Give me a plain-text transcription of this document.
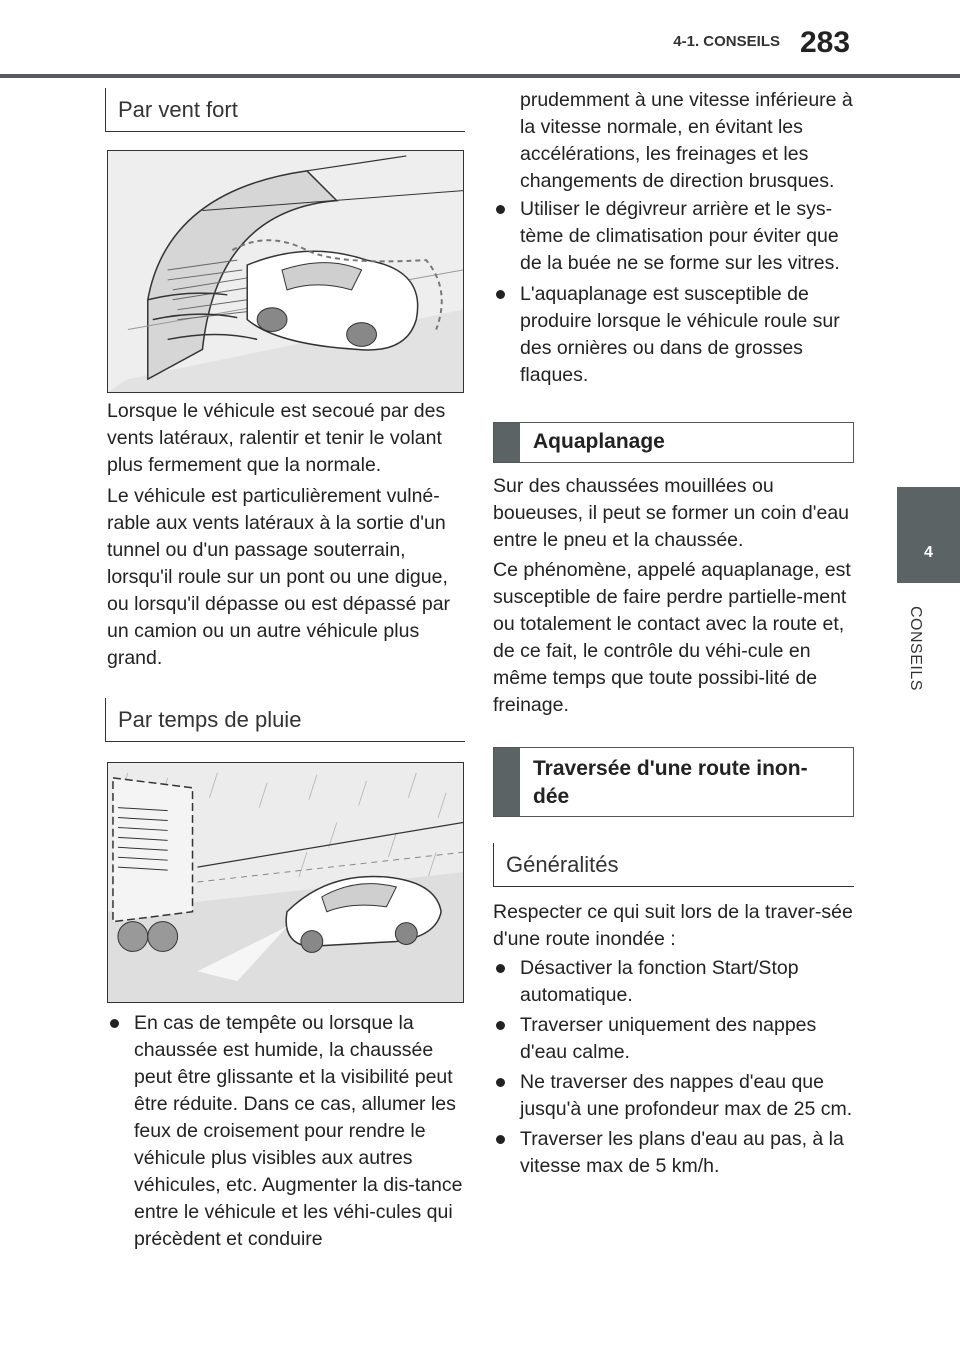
4-1. CONSEILS 283
4
CONSEILS
Par vent fort
Lorsque le véhicule est secoué par des vents latéraux, ralentir et tenir le volant plus fermement que la normale.
Le véhicule est particulièrement vulné-rable aux vents latéraux à la sortie d'un tunnel ou d'un passage souterrain, lorsqu'il roule sur un pont ou une digue, ou lorsqu'il dépasse ou est dépassé par un camion ou un autre véhicule plus grand.
Par temps de pluie
En cas de tempête ou lorsque la chaussée est humide, la chaussée peut être glissante et la visibilité peut être réduite. Dans ce cas, allumer les feux de croisement pour rendre le véhicule plus visibles aux autres véhicules, etc. Augmenter la dis-tance entre le véhicule et les véhi-cules qui précèdent et conduire
prudemment à une vitesse inférieure à la vitesse normale, en évitant les accélérations, les freinages et les changements de direction brusques.
Utiliser le dégivreur arrière et le sys-tème de climatisation pour éviter que de la buée ne se forme sur les vitres.
L'aquaplanage est susceptible de produire lorsque le véhicule roule sur des ornières ou dans de grosses flaques.
Aquaplanage
Sur des chaussées mouillées ou boueuses, il peut se former un coin d'eau entre le pneu et la chaussée.
Ce phénomène, appelé aquaplanage, est susceptible de faire perdre partielle-ment ou totalement le contact avec la route et, de ce fait, le contrôle du véhi-cule en même temps que toute possibi-lité de freinage.
Traversée d'une route inon-dée
Généralités
Respecter ce qui suit lors de la traver-sée d'une route inondée :
Désactiver la fonction Start/Stop automatique.
Traverser uniquement des nappes d'eau calme.
Ne traverser des nappes d'eau que jusqu'à une profondeur max de 25 cm.
Traverser les plans d'eau au pas, à la vitesse max de 5 km/h.
